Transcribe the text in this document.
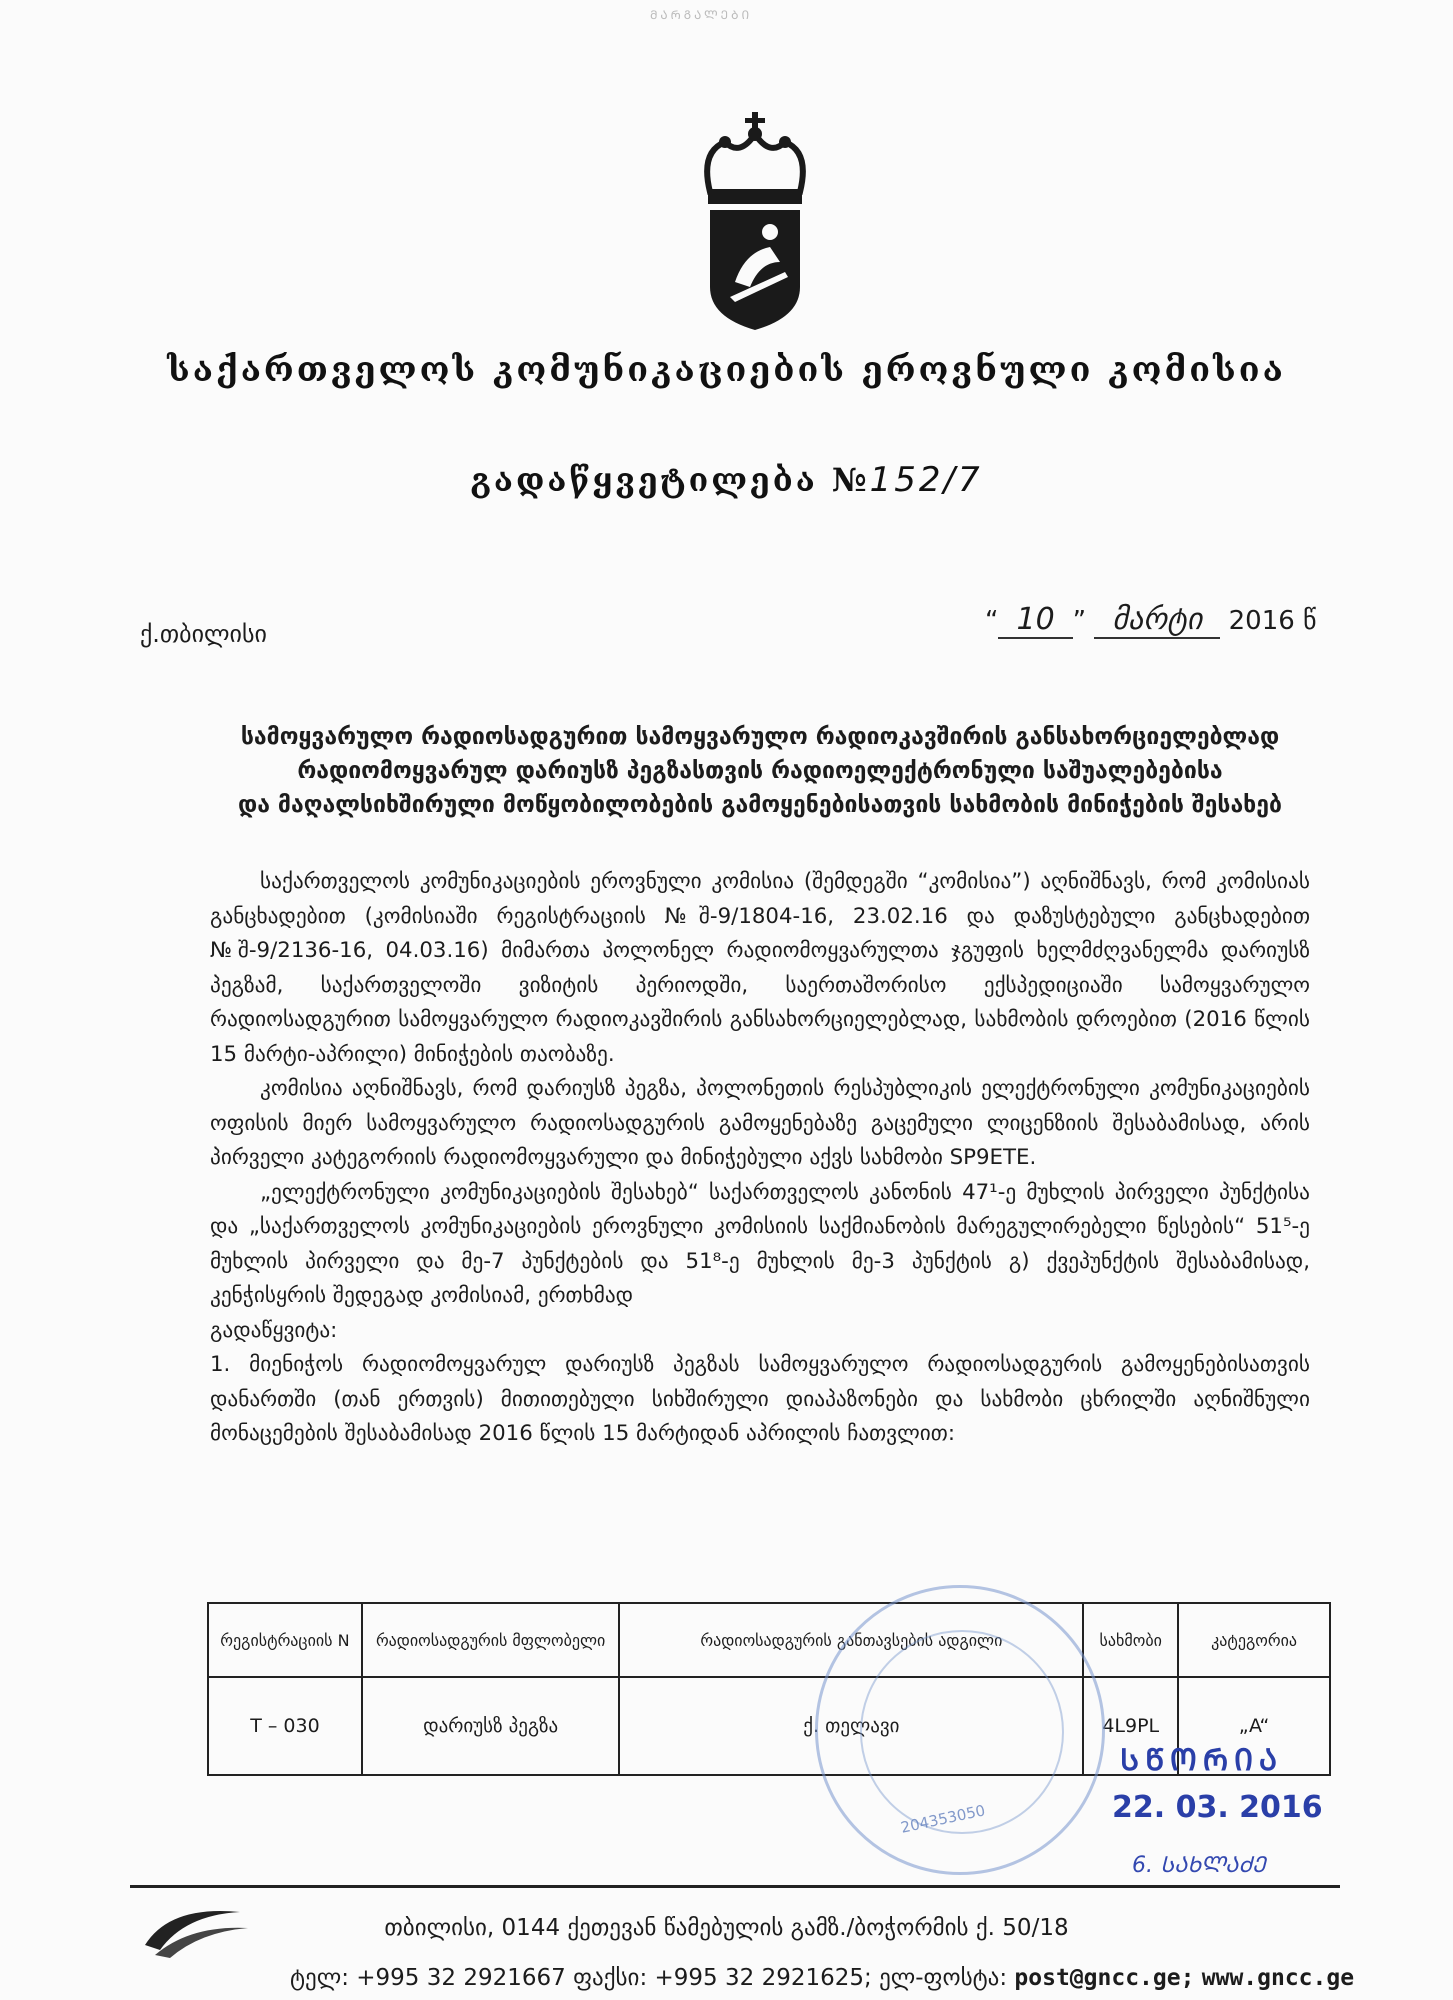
ᲛᲐᲠᲒᲐᲚᲔᲑᲘ
საქართველოს კომუნიკაციების ეროვნული კომისია
გადაწყვეტილება №152/7
ქ.თბილისი	“ 10 ” მარტი 2016 წ
სამოყვარულო რადიოსადგურით სამოყვარულო რადიოკავშირის განსახორციელებლად
რადიომოყვარულ დარიუსზ პეგზასთვის რადიოელექტრონული საშუალებებისა
და მაღალსიხშირული მოწყობილობების გამოყენებისათვის სახმობის მინიჭების შესახებ

საქართველოს კომუნიკაციების ეროვნული კომისია (შემდეგში “კომისია”) აღნიშნავს, რომ კომისიას განცხადებით (კომისიაში რეგისტრაციის №შ-9/1804-16, 23.02.16 და დაზუსტებული განცხადებით №შ-9/2136-16, 04.03.16) მიმართა პოლონელ რადიომოყვარულთა ჯგუფის ხელმძღვანელმა დარიუსზ პეგზამ, საქართველოში ვიზიტის პერიოდში, საერთაშორისო ექსპედიციაში სამოყვარულო რადიოსადგურით სამოყვარულო რადიოკავშირის განსახორციელებლად, სახმობის დროებით (2016 წლის 15 მარტი-აპრილი) მინიჭების თაობაზე.

კომისია აღნიშნავს, რომ დარიუსზ პეგზა, პოლონეთის რესპუბლიკის ელექტრონული კომუნიკაციების ოფისის მიერ სამოყვარულო რადიოსადგურის გამოყენებაზე გაცემული ლიცენზიის შესაბამისად, არის პირველი კატეგორიის რადიომოყვარული და მინიჭებული აქვს სახმობი SP9ETE.

„ელექტრონული კომუნიკაციების შესახებ“ საქართველოს კანონის 47¹-ე მუხლის პირველი პუნქტისა და „საქართველოს კომუნიკაციების ეროვნული კომისიის საქმიანობის მარეგულირებელი წესების“ 51⁵-ე მუხლის პირველი და მე-7 პუნქტების და 51⁸-ე მუხლის მე-3 პუნქტის გ) ქვეპუნქტის შესაბამისად, კენჭისყრის შედეგად კომისიამ, ერთხმად

გადაწყვიტა:

1. მიენიჭოს რადიომოყვარულ დარიუსზ პეგზას სამოყვარულო რადიოსადგურის გამოყენებისათვის დანართში (თან ერთვის) მითითებული სიხშირული დიაპაზონები და სახმობი ცხრილში აღნიშნული მონაცემების შესაბამისად 2016 წლის 15 მარტიდან აპრილის ჩათვლით:

რეგისტრაციის N	რადიოსადგურის მფლობელი	რადიოსადგურის განთავსების ადგილი	სახმობი	კატეგორია
T – 030	დარიუსზ პეგზა	ქ. თელავი	4L9PL	„A“
204353050
ᲡᲬᲝᲠᲘᲐ
22. 03. 2016
6. ᲡᲐᲮᲚᲐᲫᲔ
თბილისი, 0144 ქეთევან წამებულის გამზ./ბოჭორმის ქ. 50/18
ტელ: +995 32 2921667 ფაქსი: +995 32 2921625; ელ-ფოსტა: post@gncc.ge; www.gncc.ge
